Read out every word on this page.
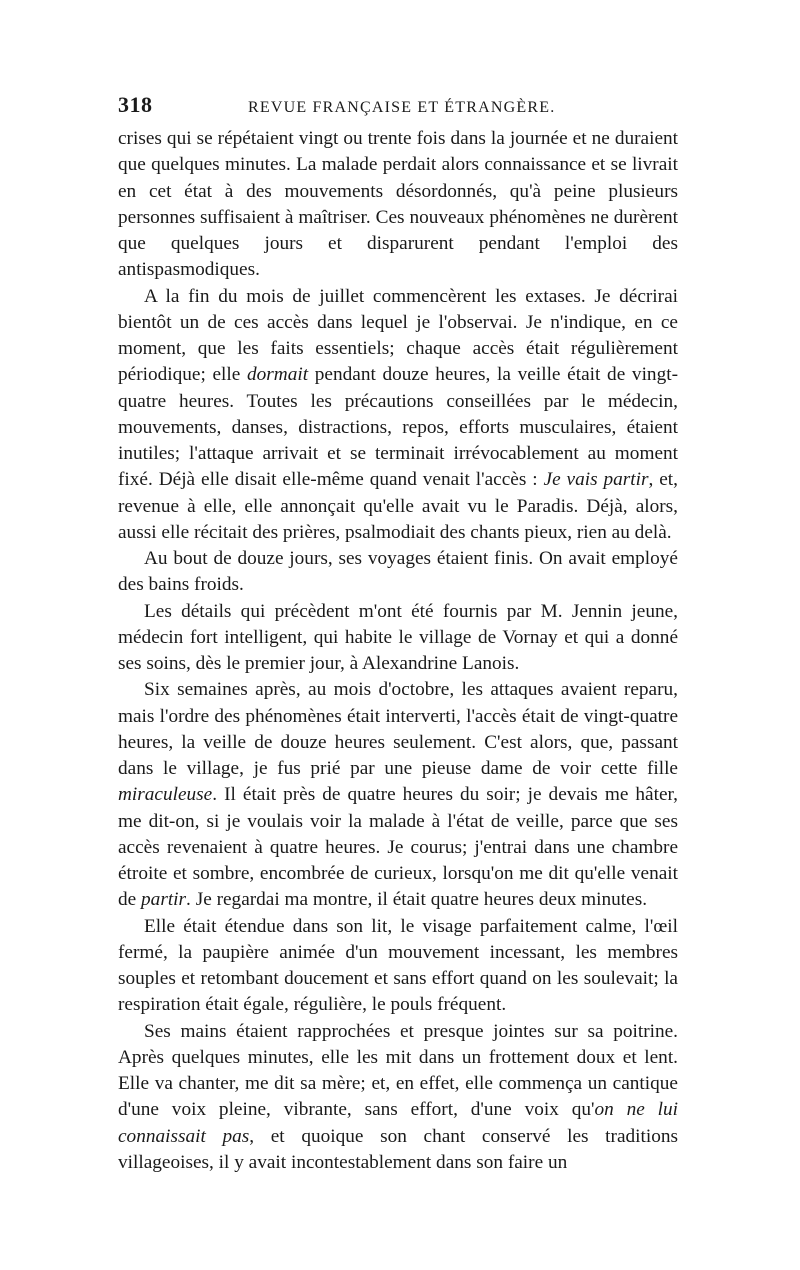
318	REVUE FRANÇAISE ET ÉTRANGÈRE.

crises qui se répétaient vingt ou trente fois dans la journée et ne duraient que quelques minutes. La malade perdait alors connaissance et se livrait en cet état à des mouvements désordonnés, qu'à peine plusieurs personnes suffisaient à maîtriser. Ces nouveaux phénomènes ne durèrent que quelques jours et disparurent pendant l'emploi des antispasmodiques.

A la fin du mois de juillet commencèrent les extases. Je décrirai bientôt un de ces accès dans lequel je l'observai. Je n'indique, en ce moment, que les faits essentiels; chaque accès était régulièrement périodique; elle dormait pendant douze heures, la veille était de vingt-quatre heures. Toutes les précautions conseillées par le médecin, mouvements, danses, distractions, repos, efforts musculaires, étaient inutiles; l'attaque arrivait et se terminait irrévocablement au moment fixé. Déjà elle disait elle-même quand venait l'accès : Je vais partir, et, revenue à elle, elle annonçait qu'elle avait vu le Paradis. Déjà, alors, aussi elle récitait des prières, psalmodiait des chants pieux, rien au delà.

Au bout de douze jours, ses voyages étaient finis. On avait employé des bains froids.

Les détails qui précèdent m'ont été fournis par M. Jennin jeune, médecin fort intelligent, qui habite le village de Vornay et qui a donné ses soins, dès le premier jour, à Alexandrine Lanois.

Six semaines après, au mois d'octobre, les attaques avaient reparu, mais l'ordre des phénomènes était interverti, l'accès était de vingt-quatre heures, la veille de douze heures seulement. C'est alors, que, passant dans le village, je fus prié par une pieuse dame de voir cette fille miraculeuse. Il était près de quatre heures du soir; je devais me hâter, me dit-on, si je voulais voir la malade à l'état de veille, parce que ses accès revenaient à quatre heures. Je courus; j'entrai dans une chambre étroite et sombre, encombrée de curieux, lorsqu'on me dit qu'elle venait de partir. Je regardai ma montre, il était quatre heures deux minutes.

Elle était étendue dans son lit, le visage parfaitement calme, l'œil fermé, la paupière animée d'un mouvement incessant, les membres souples et retombant doucement et sans effort quand on les soulevait; la respiration était égale, régulière, le pouls fréquent.

Ses mains étaient rapprochées et presque jointes sur sa poitrine. Après quelques minutes, elle les mit dans un frottement doux et lent. Elle va chanter, me dit sa mère; et, en effet, elle commença un cantique d'une voix pleine, vibrante, sans effort, d'une voix qu'on ne lui connaissait pas, et quoique son chant conservé les traditions villageoises, il y avait incontestablement dans son faire un
